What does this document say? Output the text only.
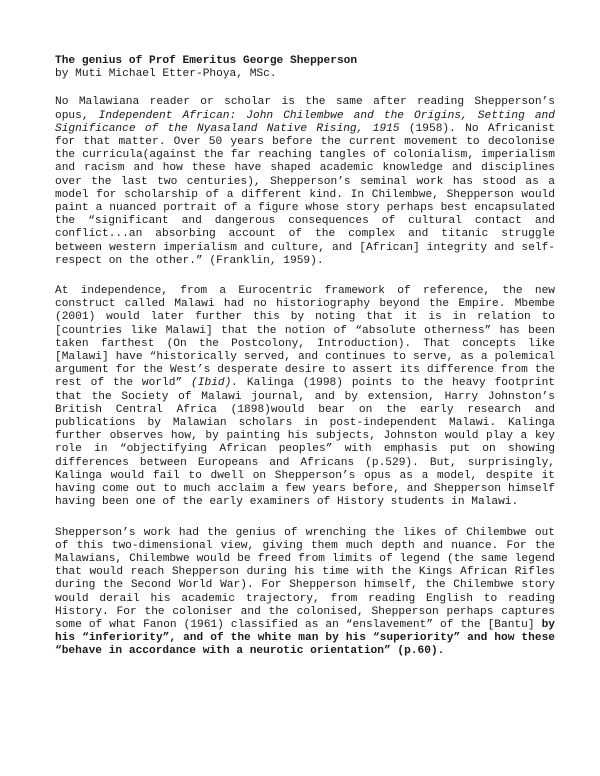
The genius of Prof Emeritus George Shepperson
by Muti Michael Etter-Phoya, MSc.

No Malawiana reader or scholar is the same after reading Shepperson’s opus, Independent African: John Chilembwe and the Origins, Setting and Significance of the Nyasaland Native Rising, 1915 (1958). No Africanist for that matter. Over 50 years before the current movement to decolonise the curricula(against the far reaching tangles of colonialism, imperialism and racism and how these have shaped academic knowledge and disciplines over the last two centuries), Shepperson’s seminal work has stood as a model for scholarship of a different kind. In Chilembwe, Shepperson would paint a nuanced portrait of a figure whose story perhaps best encapsulated the “significant and dangerous consequences of cultural contact and conflict...an absorbing account of the complex and titanic struggle between western imperialism and culture, and [African] integrity and self-respect on the other.” (Franklin, 1959).

At independence, from a Eurocentric framework of reference, the new construct called Malawi had no historiography beyond the Empire. Mbembe (2001) would later further this by noting that it is in relation to [countries like Malawi] that the notion of “absolute otherness” has been taken farthest (On the Postcolony, Introduction). That concepts like [Malawi] have “historically served, and continues to serve, as a polemical argument for the West’s desperate desire to assert its difference from the rest of the world” (Ibid). Kalinga (1998) points to the heavy footprint that the Society of Malawi journal, and by extension, Harry Johnston’s British Central Africa (1898)would bear on the early research and publications by Malawian scholars in post-independent Malawi. Kalinga further observes how, by painting his subjects, Johnston would play a key role in “objectifying African peoples” with emphasis put on showing differences between Europeans and Africans (p.529). But, surprisingly, Kalinga would fail to dwell on Shepperson’s opus as a model, despite it having come out to much acclaim a few years before, and Shepperson himself having been one of the early examiners of History students in Malawi.

Shepperson’s work had the genius of wrenching the likes of Chilembwe out of this two-dimensional view, giving them much depth and nuance. For the Malawians, Chilembwe would be freed from limits of legend (the same legend that would reach Shepperson during his time with the Kings African Rifles during the Second World War). For Shepperson himself, the Chilembwe story would derail his academic trajectory, from reading English to reading History. For the coloniser and the colonised, Shepperson perhaps captures some of what Fanon (1961) classified as an “enslavement” of the [Bantu] by his “inferiority”, and of the white man by his “superiority” and how these “behave in accordance with a neurotic orientation” (p.60).
